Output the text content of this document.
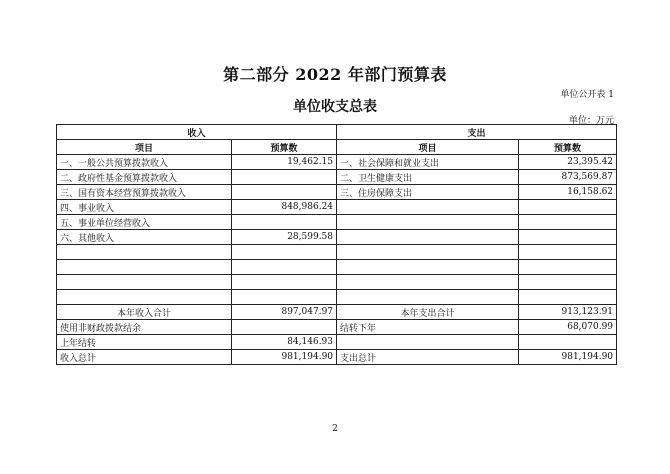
第二部分 2022 年部门预算表
单位公开表 1
单位收支总表
单位：万元
收入		支出	
项目	预算数	项目	预算数
一、一般公共预算拨款收入	19,462.15	一、社会保障和就业支出	23,395.42
二、政府性基金预算拨款收入		二、卫生健康支出	873,569.87
三、国有资本经营预算拨款收入		三、住房保障支出	16,158.62
四、事业收入	848,986.24		
五、事业单位经营收入			
六、其他收入	28,599.58		

本年收入合计	897,047.97	本年支出合计	913,123.91
使用非财政拨款结余		结转下年	68,070.99
上年结转	84,146.93		
收入总计	981,194.90	支出总计	981,194.90
2
